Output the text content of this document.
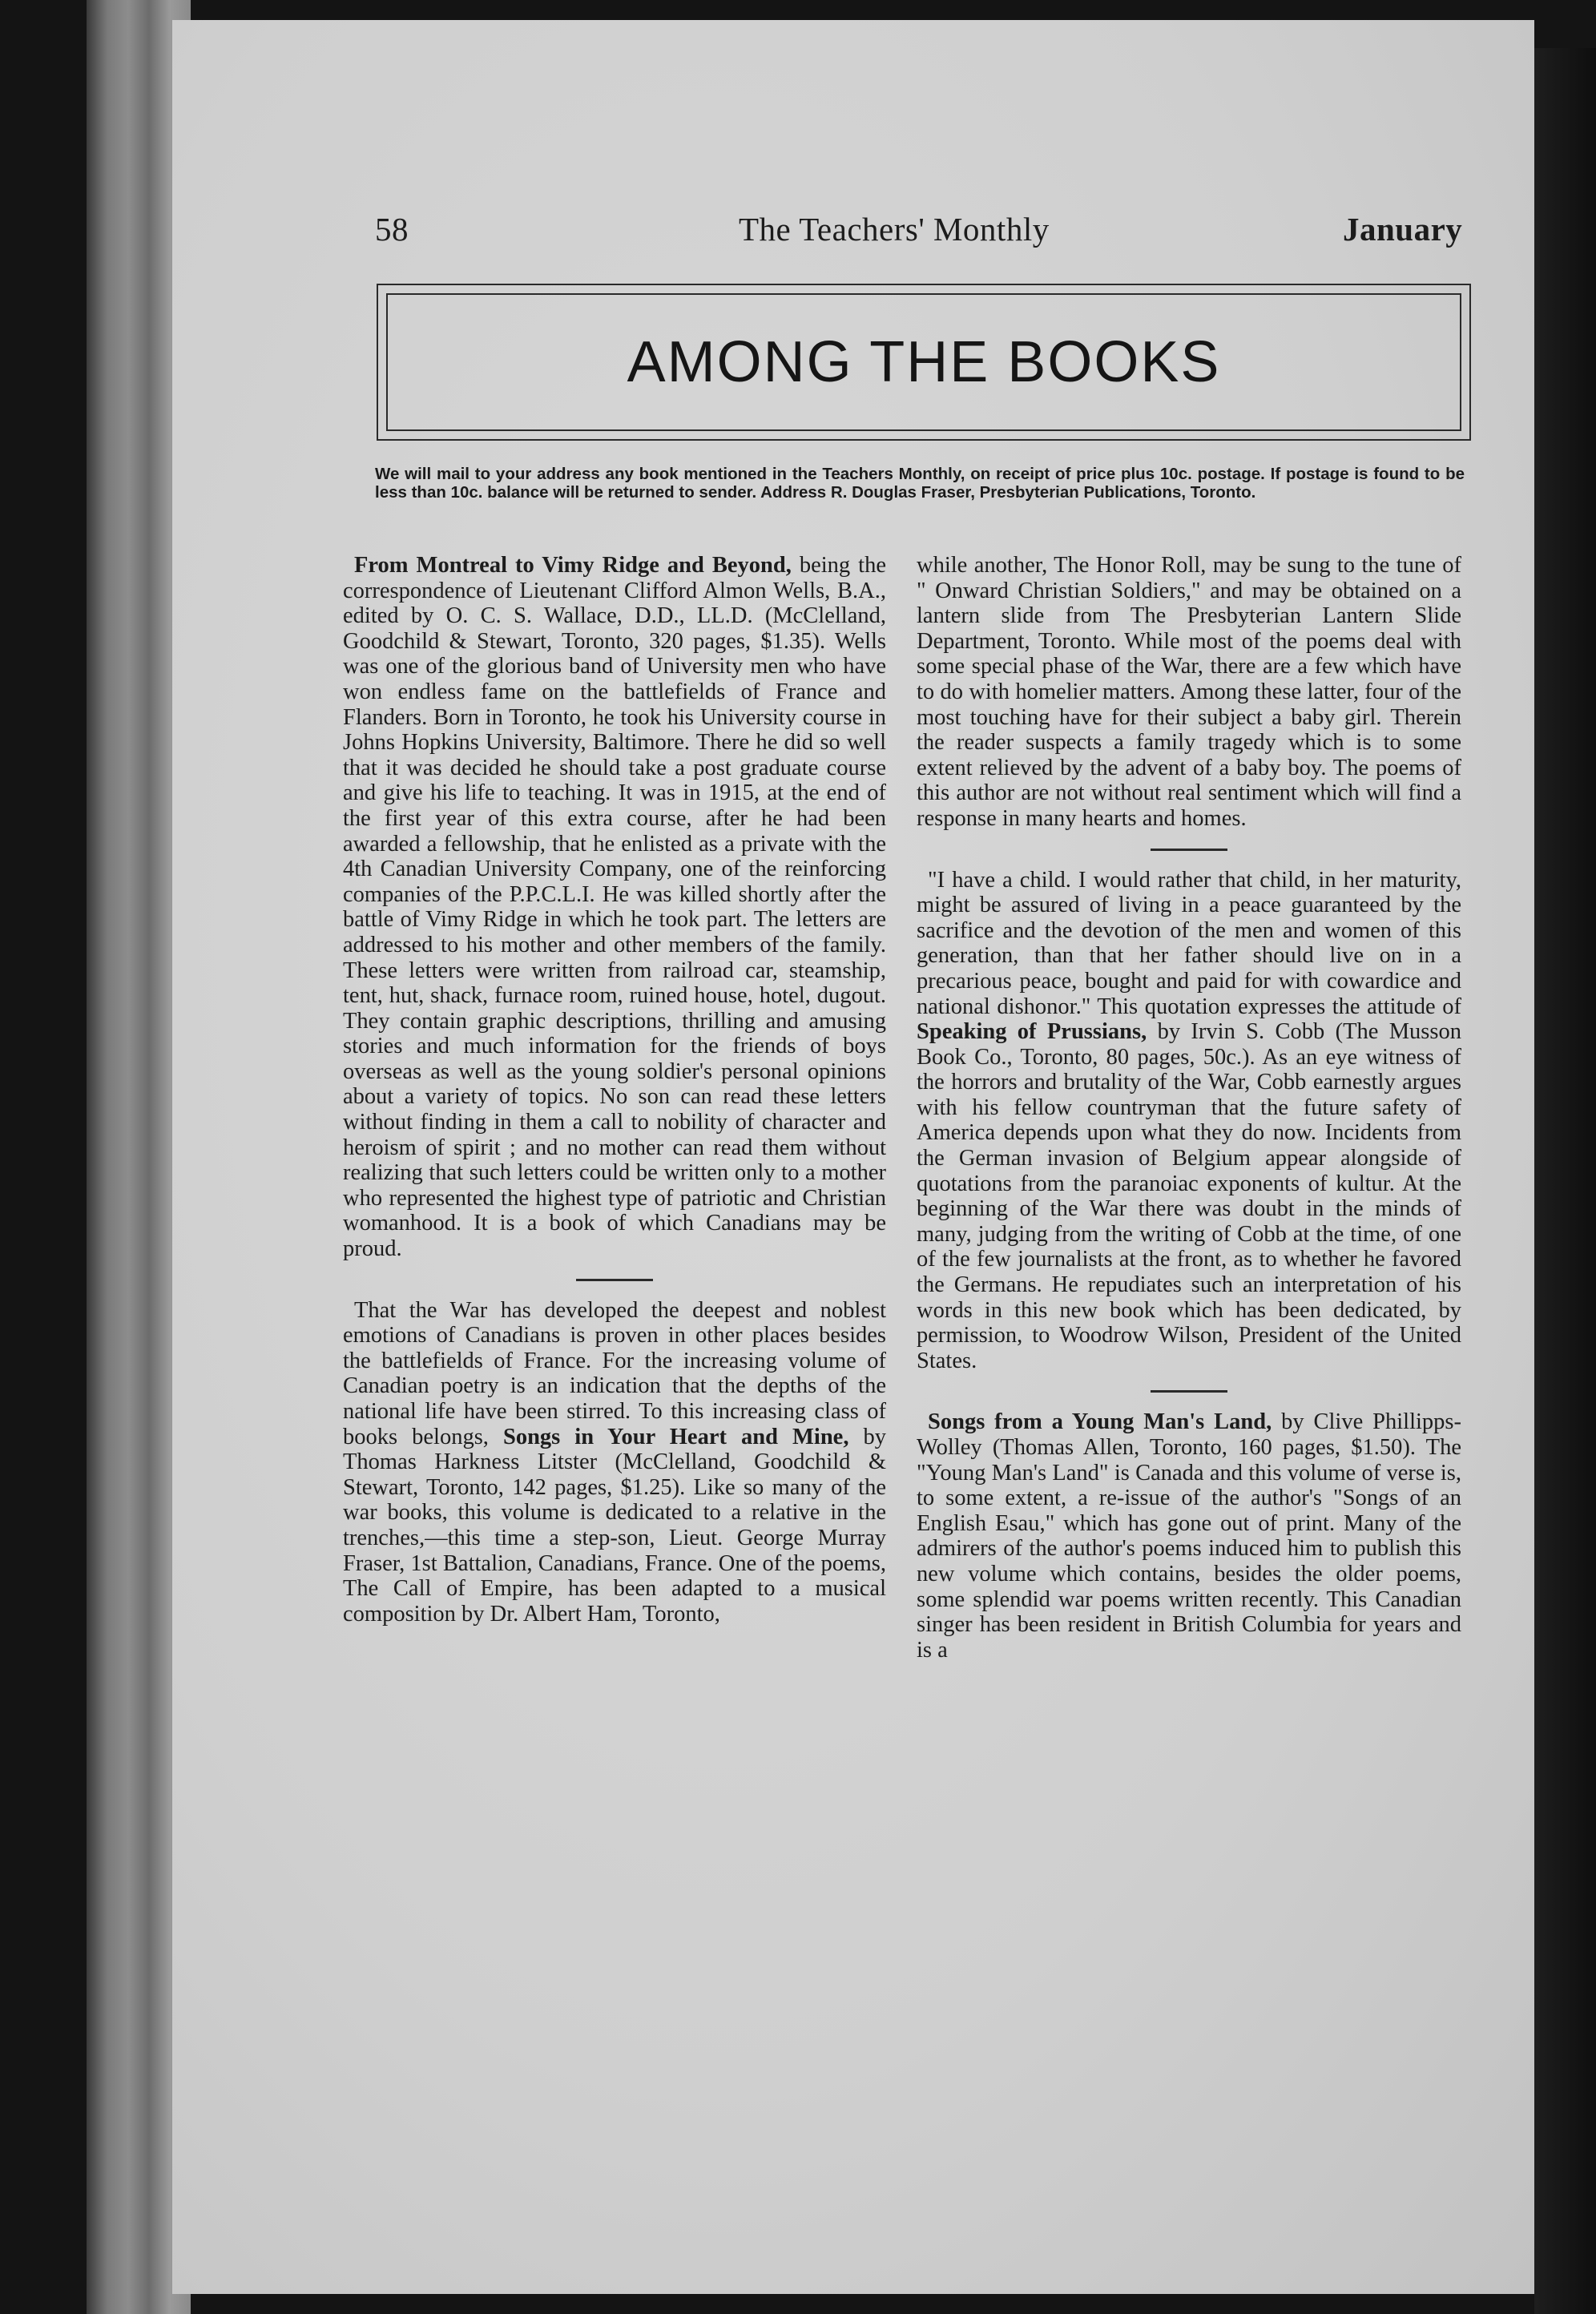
58	The Teachers' Monthly	January
AMONG THE BOOKS
We will mail to your address any book mentioned in the Teachers Monthly, on receipt of price plus 10c. postage. If postage is found to be less than 10c. balance will be returned to sender. Address R. Douglas Fraser, Presbyterian Publications, Toronto.

From Montreal to Vimy Ridge and Beyond, being the correspondence of Lieutenant Clifford Almon Wells, B.A., edited by O. C. S. Wallace, D.D., LL.D. (McClelland, Goodchild & Stewart, Toronto, 320 pages, $1.35). Wells was one of the glorious band of University men who have won endless fame on the battlefields of France and Flanders. Born in Toronto, he took his University course in Johns Hopkins University, Baltimore. There he did so well that it was decided he should take a post graduate course and give his life to teaching. It was in 1915, at the end of the first year of this extra course, after he had been awarded a fellowship, that he enlisted as a private with the 4th Canadian University Company, one of the reinforcing companies of the P.P.C.L.I. He was killed shortly after the battle of Vimy Ridge in which he took part. The letters are addressed to his mother and other members of the family. These letters were written from railroad car, steamship, tent, hut, shack, furnace room, ruined house, hotel, dugout. They contain graphic descriptions, thrilling and amusing stories and much information for the friends of boys overseas as well as the young soldier's personal opinions about a variety of topics. No son can read these letters without finding in them a call to nobility of character and heroism of spirit ; and no mother can read them without realizing that such letters could be written only to a mother who represented the highest type of patriotic and Christian womanhood. It is a book of which Canadians may be proud.

That the War has developed the deepest and noblest emotions of Canadians is proven in other places besides the battlefields of France. For the increasing volume of Canadian poetry is an indication that the depths of the national life have been stirred. To this increasing class of books belongs, Songs in Your Heart and Mine, by Thomas Harkness Litster (McClelland, Goodchild & Stewart, Toronto, 142 pages, $1.25). Like so many of the war books, this volume is dedicated to a relative in the trenches,—this time a step-son, Lieut. George Murray Fraser, 1st Battalion, Canadians, France. One of the poems, The Call of Empire, has been adapted to a musical composition by Dr. Albert Ham, Toronto,

while another, The Honor Roll, may be sung to the tune of " Onward Christian Soldiers," and may be obtained on a lantern slide from The Presbyterian Lantern Slide Department, Toronto. While most of the poems deal with some special phase of the War, there are a few which have to do with homelier matters. Among these latter, four of the most touching have for their subject a baby girl. Therein the reader suspects a family tragedy which is to some extent relieved by the advent of a baby boy. The poems of this author are not without real sentiment which will find a response in many hearts and homes.

"I have a child. I would rather that child, in her maturity, might be assured of living in a peace guaranteed by the sacrifice and the devotion of the men and women of this generation, than that her father should live on in a precarious peace, bought and paid for with cowardice and national dishonor." This quotation expresses the attitude of Speaking of Prussians, by Irvin S. Cobb (The Musson Book Co., Toronto, 80 pages, 50c.). As an eye witness of the horrors and brutality of the War, Cobb earnestly argues with his fellow countryman that the future safety of America depends upon what they do now. Incidents from the German invasion of Belgium appear alongside of quotations from the paranoiac exponents of kultur. At the beginning of the War there was doubt in the minds of many, judging from the writing of Cobb at the time, of one of the few journalists at the front, as to whether he favored the Germans. He repudiates such an interpretation of his words in this new book which has been dedicated, by permission, to Woodrow Wilson, President of the United States.

Songs from a Young Man's Land, by Clive Phillipps-Wolley (Thomas Allen, Toronto, 160 pages, $1.50). The "Young Man's Land" is Canada and this volume of verse is, to some extent, a re-issue of the author's "Songs of an English Esau," which has gone out of print. Many of the admirers of the author's poems induced him to publish this new volume which contains, besides the older poems, some splendid war poems written recently. This Canadian singer has been resident in British Columbia for years and is a
